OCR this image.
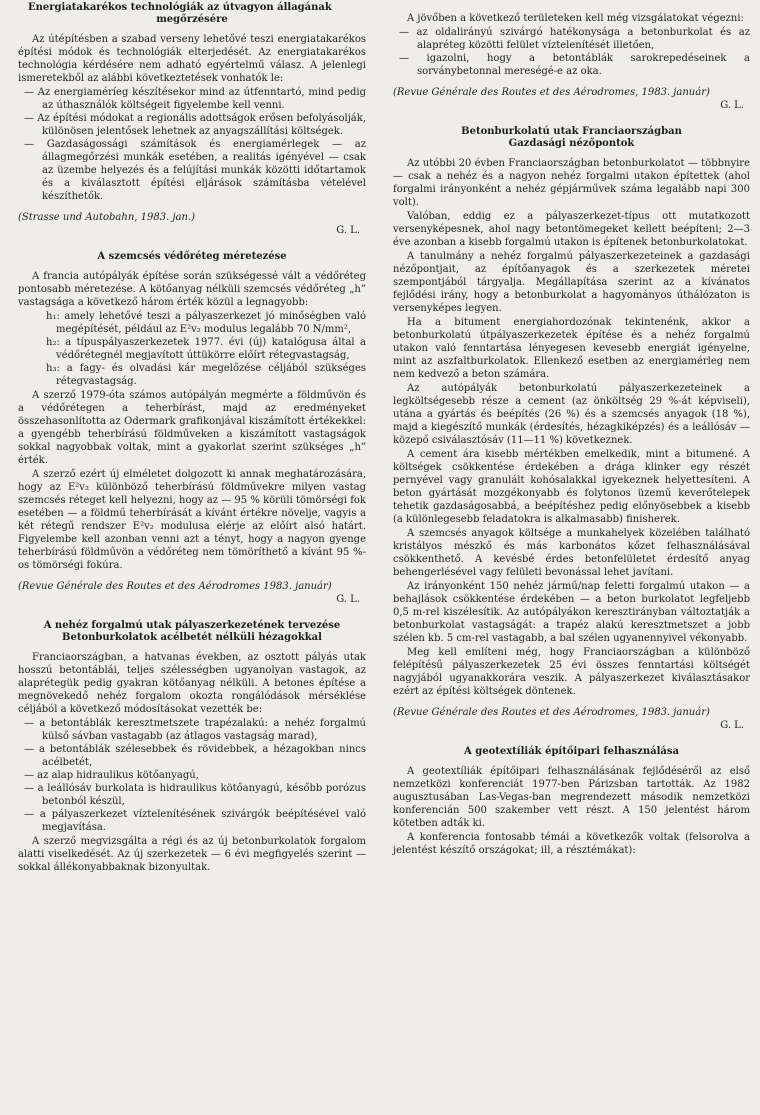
Energiatakarékos technológiák az útvagyon állagának
megőrzésére

Az útépítésben a szabad verseny lehetővé teszi energiatakarékos építési módok és technológiák elterjedését. Az energiatakarékos technológia kérdésére nem adható egyértelmű válasz. A jelenlegi ismeretekből az alábbi következtetések vonhatók le:

— Az energiaméríeg készítésekor mind az útfenntartó, mind pedig az úthasználók költségeit figyelembe kell venni.
— Az építési módokat a regionális adottságok erősen befolyásolják, különösen jelentősek lehetnek az anyagszállítási költségek.
— Gazdaságossági számítások és energiamérlegek — az állagmegőrzési munkák esetében, a realitás igényével — csak az üzembe helyezés és a felújítási munkák közötti időtartamok és a kiválasztott építési eljárások számításba vételével készíthetők.
(Strasse und Autobahn, 1983. jan.)
G. L.
A szemcsés védőréteg méretezése

A francia autópályák építése során szükségessé vált a védőréteg pontosabb méretezése. A kötőanyag nélküli szemcsés védőréteg „h” vastagsága a következő három érték közül a legnagyobb:

h₁: amely lehetővé teszi a pályaszerkezet jó minőségben való megépítését, például az E²v₂ modulus legalább 70 N/mm²,
h₂: a típuspályaszerkezetek 1977. évi (új) katalógusa által a védőrétegnél megjavított úttükörre előírt rétegvastagság,
h₃: a fagy- és olvadási kár megelőzése céljából szükséges rétegvastagság.

A szerző 1979-óta számos autópályán megmérte a földművön és a védőrétegen a teherbírást, majd az eredményeket összehasonlította az Odermark grafikonjával kiszámított értékekkel: a gyengébb teherbírású földműveken a kiszámított vastagságok sokkal nagyobbak voltak, mint a gyakorlat szerint szükséges „h” érték.

A szerző ezért új elméletet dolgozott ki annak meghatározására, hogy az E²v₂ különböző teherbírású földművekre milyen vastag szemcsés réteget kell helyezni, hogy az — 95 % körüli tömörségi fok esetében — a földmű teherbírását a kívánt értékre növelje, vagyis a két rétegű rendszer E²v₂ modulusa elérje az előírt alsó határt. Figyelembe kell azonban venni azt a tényt, hogy a nagyon gyenge teherbírású földművön a védőréteg nem tömöríthető a kívánt 95 %-os tömörségi fokúra.

(Revue Générale des Routes et des Aérodromes 1983. január)
G. L.
A nehéz forgalmú utak pályaszerkezetének tervezése
Betonburkolatok acélbetét nélküli hézagokkal

Franciaországban, a hatvanas években, az osztott pályás utak hosszú betontáblái, teljes szélességben ugyanolyan vastagok, az alaprétegük pedig gyakran kötőanyag nélküli. A betones építése a megnövekedő nehéz forgalom okozta rongálódások mérséklése céljából a következő módosításokat vezették be:

— a betontáblák keresztmetszete trapézalakú: a nehéz forgalmú külső sávban vastagabb (az átlagos vastagság marad),
— a betontáblák szélesebbek és rövidebbek, a hézagokban nincs acélbetét,
— az alap hidraulikus kötőanyagú,
— a leállósáv burkolata is hidraulikus kötőanyagú, később porózus betonból készül,
— a pályaszerkezet víztelenítésének szivárgók beépítésével való megjavítása.

A szerző megvizsgálta a régi és az új betonburkolatok forgalom alatti viselkedését. Az új szerkezetek — 6 évi megfigyelés szerint — sokkal állékonyabbaknak bizonyultak.

A jövőben a következő területeken kell még vizsgálatokat végezni:

— az oldalirányú szivárgó hatékonysága a betonburkolat és az alapréteg közötti felület víztelenítését illetően,
— igazolni, hogy a betontáblák sarokrepedéseinek a sorványbetonnal mereségé-e az oka.
(Revue Générale des Routes et des Aérodromes, 1983. január)
G. L.
Betonburkolatú utak Franciaországban
Gazdasági nézőpontok

Az utóbbi 20 évben Franciaországban betonburkolatot — többnyire — csak a nehéz és a nagyon nehéz forgalmi utakon építettek (ahol forgalmi irányonként a nehéz gépjárművek száma legalább napi 300 volt).

Valóban, eddig ez a pályaszerkezet-típus ott mutatkozott versenyképesnek, ahol nagy betontömegeket kellett beépíteni; 2—3 éve azonban a kisebb forgalmú utakon is építenek betonburkolatokat.

A tanulmány a nehéz forgalmú pályaszerkezeteinek a gazdasági nézőpontjait, az építőanyagok és a szerkezetek méretei szempontjából tárgyalja. Megállapítása szerint az a kívánatos fejlődési irány, hogy a betonburkolat a hagyományos úthálózaton is versenyképes legyen.

Ha a bitument energiahordozónak tekintenénk, akkor a betonburkolatú útpályaszerkezetek építése és a nehéz forgalmú utakon való fenntartása lényegesen kevesebb energiát igényelne, mint az aszfaltburkolatok. Ellenkező esetben az energiamérleg nem nem kedvező a beton számára.

Az autópályák betonburkolatú pályaszerkezeteinek a legköltségesebb része a cement (az önköltség 29 %-át képviseli), utána a gyártás és beépítés (26 %) és a szemcsés anyagok (18 %), majd a kiegészítő munkák (érdesítés, hézagkiképzés) és a leállósáv — közepő csiválasztósáv (11—11 %) következnek.

A cement ára kisebb mértékben emelkedik, mint a bitumené. A költségek csökkentése érdekében a drága klinker egy részét pernyével vagy granulált kohósalakkal igyekeznek helyettesíteni. A beton gyártását mozgékonyabb és folytonos üzemű keverőtelepek tehetik gazdaságosabbá, a beépítéshez pedig előnyösebbek a kisebb (a különlegesebb feladatokra is alkalmasabb) finisherek.

A szemcsés anyagok költsége a munkahelyek közelében található kristályos mészkő és más karbonátos kőzet felhasználásával csökkenthető. A kevésbé érdes betonfelületet érdesítő anyag behengerlésével vagy felületi bevonással lehet javítani.

Az irányonként 150 nehéz jármű/nap feletti forgalmú utakon — a behajlások csökkentése érdekében — a beton burkolatot legfeljebb 0,5 m-rel kiszélesítik. Az autópályákon keresztirányban változtatják a betonburkolat vastagságát: a trapéz alakú keresztmetszet a jobb szélen kb. 5 cm-rel vastagabb, a bal szélen ugyanennyivel vékonyabb.

Meg kell említeni még, hogy Franciaországban a különböző felépítésű pályaszerkezetek 25 évi összes fenntartási költségét nagyjából ugyanakkorára veszik. A pályaszerkezet kiválasztásakor ezért az építési költségek döntenek.

(Revue Générale des Routes et des Aérodromes, 1983. január)
G. L.
A geotextíliák építőipari felhasználása

A geotextíliák építőipari felhasználásának fejlődéséről az első nemzetközi konferenciát 1977-ben Párizsban tartották. Az 1982 augusztusában Las-Vegas-ban megrendezett második nemzetközi konferencián 500 szakember vett részt. A 150 jelentést három kötetben adták ki.

A konferencia fontosabb témái a következők voltak (felsorolva a jelentést készítő országokat; ill, a résztémákat):
